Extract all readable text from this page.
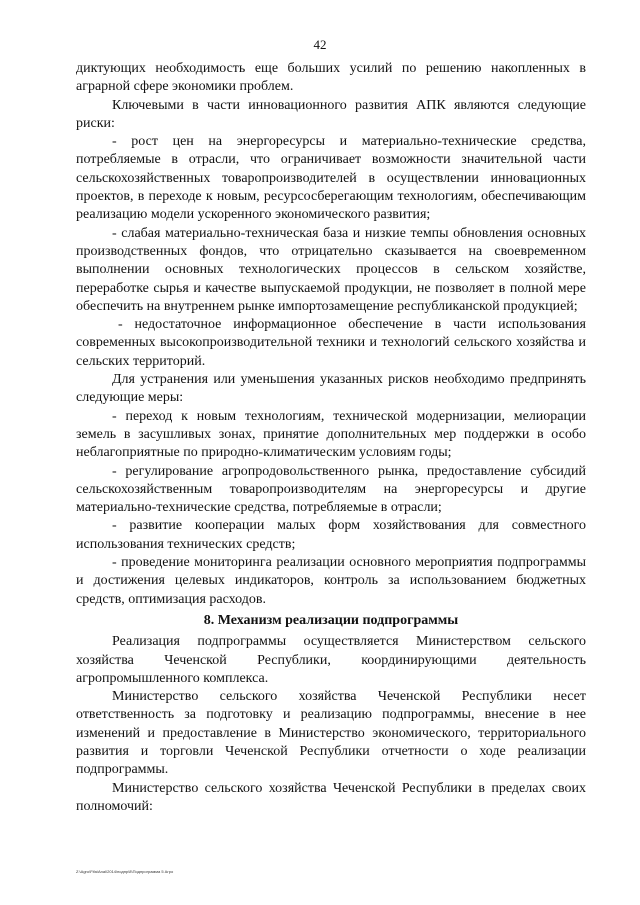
42

диктующих необходимость еще больших усилий по решению накопленных в аграрной сфере экономики проблем.

Ключевыми в части инновационного развития АПК являются следующие риски:

- рост цен на энергоресурсы и материально-технические средства, потребляемые в отрасли, что ограничивает возможности значительной части сельскохозяйственных товаропроизводителей в осуществлении инновационных проектов, в переходе к новым, ресурсосберегающим технологиям, обеспечивающим реализацию модели ускоренного экономического развития;

- слабая материально-техническая база и низкие темпы обновления основных производственных фондов, что отрицательно сказывается на своевременном выполнении основных технологических процессов в сельском хозяйстве, переработке сырья и качестве выпускаемой продукции, не позволяет в полной мере обеспечить на внутреннем рынке импортозамещение республиканской продукцией;

- недостаточное информационное обеспечение в части использования современных высокопроизводительной техники и технологий сельского хозяйства и сельских территорий.

Для устранения или уменьшения указанных рисков необходимо предпринять следующие меры:

- переход к новым технологиям, технической модернизации, мелиорации земель в засушливых зонах, принятие дополнительных мер поддержки в особо неблагоприятные по природно-климатическим условиям годы;

- регулирование агропродовольственного рынка, предоставление субсидий сельскохозяйственным товаропроизводителям на энергоресурсы и другие материально-технические средства, потребляемые в отрасли;

- развитие кооперации малых форм хозяйствования для совместного использования технических средств;

- проведение мониторинга реализации основного мероприятия подпрограммы и достижения целевых индикаторов, контроль за использованием бюджетных средств, оптимизация расходов.

8. Механизм реализации подпрограммы

Реализация подпрограммы осуществляется Министерством сельского хозяйства Чеченской Республики, координирующими деятельность агропромышленного комплекса.

Министерство сельского хозяйства Чеченской Республики несет ответственность за подготовку и реализацию подпрограммы, внесение в нее изменений и предоставление в Министерство экономического, территориального развития и торговли Чеченской Республики отчетности о ходе реализации подпрограммы.

Министерство сельского хозяйства Чеченской Республики в пределах своих полномочий:

Z:\Agro\Fifa\Anal\2014\подпр\8\Подпрограмма 5 Агро
